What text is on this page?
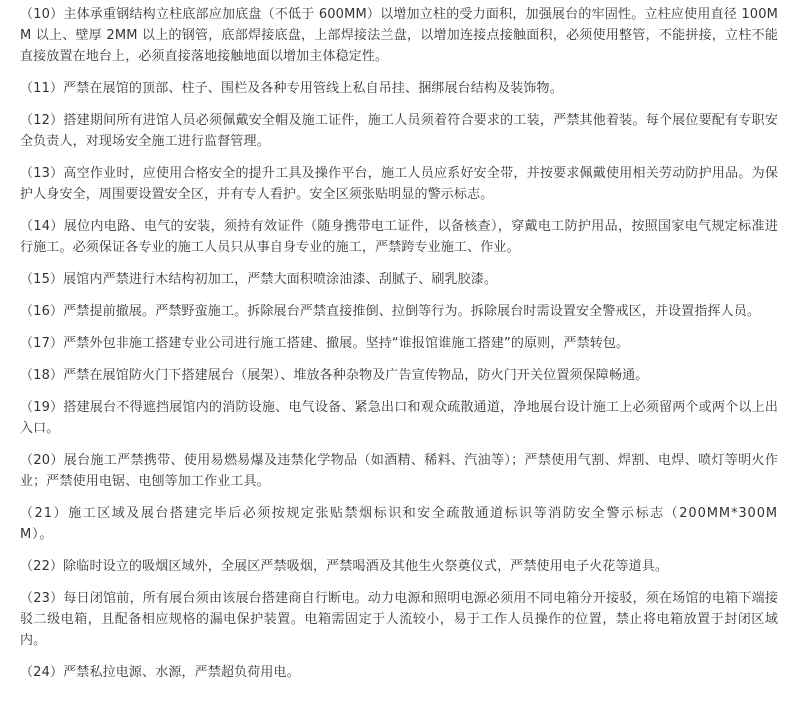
（10）主体承重钢结构立柱底部应加底盘（不低于 600MM）以增加立柱的受力面积，加强展台的牢固性。立柱应使用直径 100MM 以上、壁厚 2MM 以上的钢管，底部焊接底盘，上部焊接法兰盘，以增加连接点接触面积，必须使用整管，不能拼接，立柱不能直接放置在地台上，必须直接落地接触地面以增加主体稳定性。

（11）严禁在展馆的顶部、柱子、围栏及各种专用管线上私自吊挂、捆绑展台结构及装饰物。

（12）搭建期间所有进馆人员必须佩戴安全帽及施工证件，施工人员须着符合要求的工装，严禁其他着装。每个展位要配有专职安全负责人，对现场安全施工进行监督管理。

（13）高空作业时，应使用合格安全的提升工具及操作平台，施工人员应系好安全带，并按要求佩戴使用相关劳动防护用品。为保护人身安全，周围要设置安全区，并有专人看护。安全区须张贴明显的警示标志。

（14）展位内电路、电气的安装，须持有效证件（随身携带电工证件，以备核查），穿戴电工防护用品，按照国家电气规定标准进行施工。必须保证各专业的施工人员只从事自身专业的施工，严禁跨专业施工、作业。

（15）展馆内严禁进行木结构初加工，严禁大面积喷涂油漆、刮腻子、刷乳胶漆。

（16）严禁提前撤展。严禁野蛮施工。拆除展台严禁直接推倒、拉倒等行为。拆除展台时需设置安全警戒区，并设置指挥人员。

（17）严禁外包非施工搭建专业公司进行施工搭建、撤展。坚持“谁报馆谁施工搭建”的原则，严禁转包。

（18）严禁在展馆防火门下搭建展台（展架）、堆放各种杂物及广告宣传物品，防火门开关位置须保障畅通。

（19）搭建展台不得遮挡展馆内的消防设施、电气设备、紧急出口和观众疏散通道，净地展台设计施工上必须留两个或两个以上出入口。

（20）展台施工严禁携带、使用易燃易爆及违禁化学物品（如酒精、稀料、汽油等）；严禁使用气割、焊割、电焊、喷灯等明火作业；严禁使用电锯、电刨等加工作业工具。

（21）施工区域及展台搭建完毕后必须按规定张贴禁烟标识和安全疏散通道标识等消防安全警示标志（200MM*300MM）。

（22）除临时设立的吸烟区域外，全展区严禁吸烟，严禁喝酒及其他生火祭奠仪式，严禁使用电子火花等道具。

（23）每日闭馆前，所有展台须由该展台搭建商自行断电。动力电源和照明电源必须用不同电箱分开接驳，须在场馆的电箱下端接驳二级电箱，且配备相应规格的漏电保护装置。电箱需固定于人流较小，易于工作人员操作的位置，禁止将电箱放置于封闭区域内。

（24）严禁私拉电源、水源，严禁超负荷用电。
